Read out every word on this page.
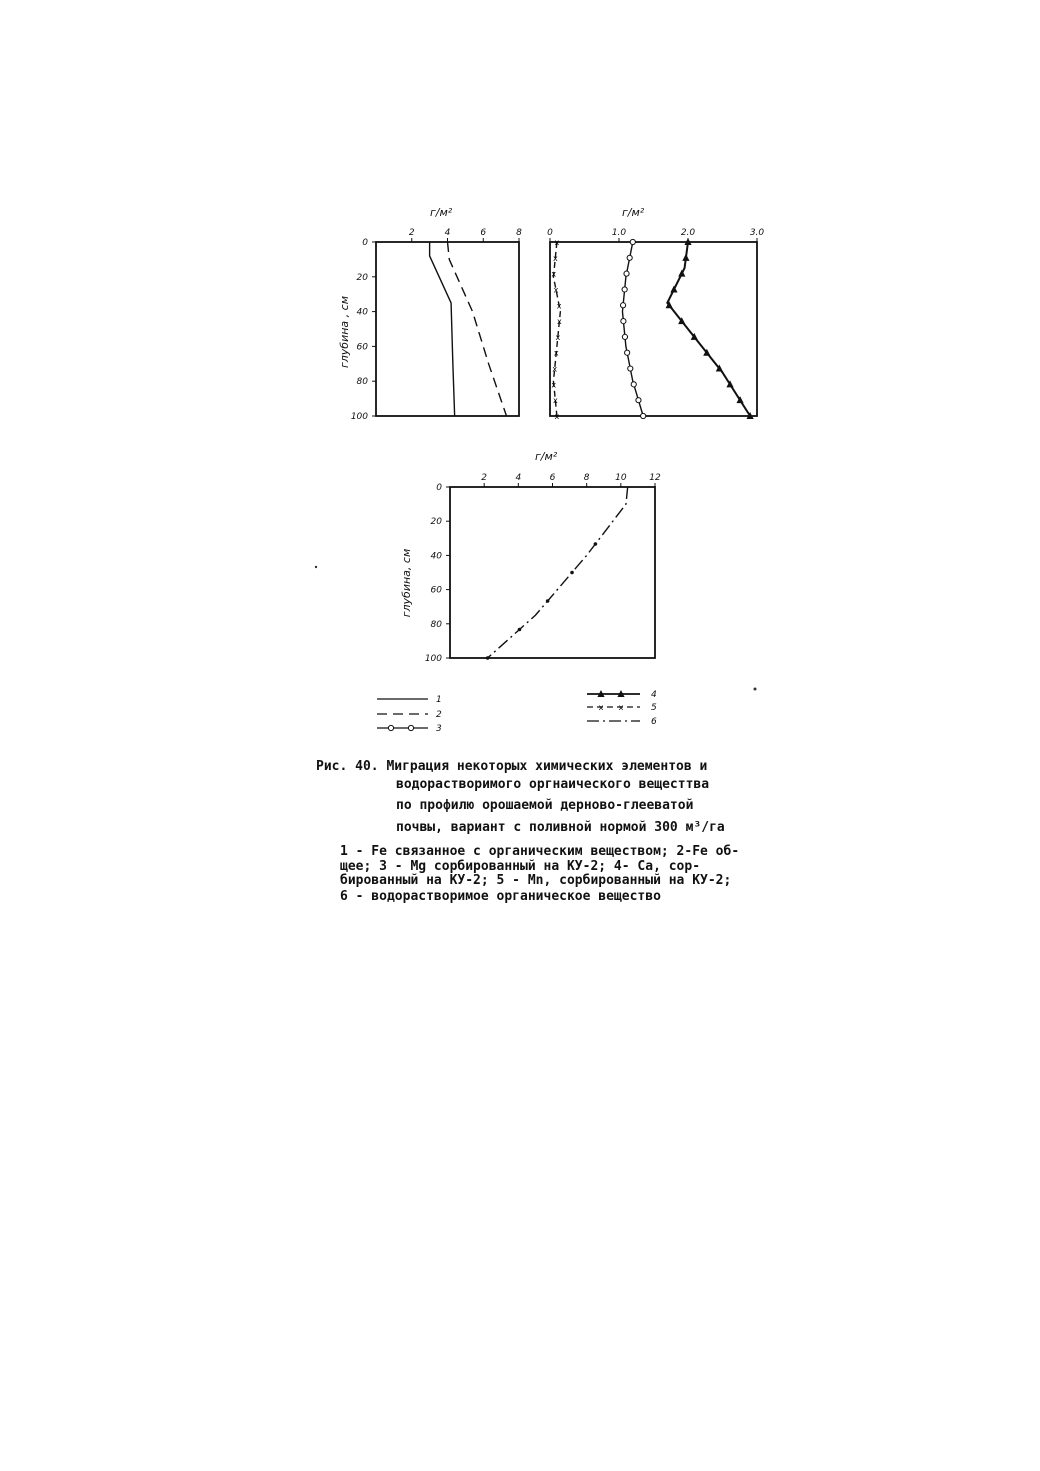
г/м²
2	4	6	8
0
20
40
60
80
100
глубина , см
г/м²
0	1.0	2.0	3.0
x
x
x
x
x
x
x
x
x
x
x
x
г/м²
2	4	6	8	10	12
0
20
40
60
80
100
глубина, см
1
2
3
4
x x	5
6
Рис. 40. Миграция некоторых химических элементов и
водорастворимого оргнаического вещесттва
по профилю орошаемой дерново-глееватой
почвы, вариант с поливной нормой 300 м³/га
1 - Fe связанное с органическим веществом; 2-Fe об-
щее; 3 - Mg сорбированный на КУ-2; 4- Са, сор-
бированный на КУ-2; 5 - Mn, сорбированный на КУ-2;
6 - водорастворимое органическое вещество
